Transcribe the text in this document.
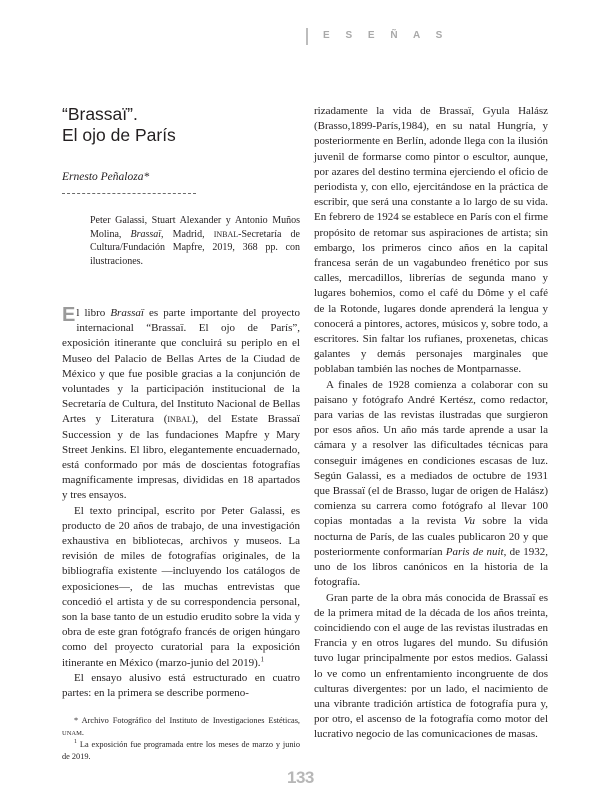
E S E Ñ A S
“Brassaï”.
El ojo de París
Ernesto Peñaloza*
Peter Galassi, Stuart Alexander y Antonio Muños Molina, Brassaï, Madrid, INBAL-Secretaría de Cultura/Fundación Mapfre, 2019, 368 pp. con ilustraciones.

El libro Brassaï es parte importante del proyecto internacional “Brassaï. El ojo de París”, exposición itinerante que concluirá su periplo en el Museo del Palacio de Bellas Artes de la Ciudad de México y que fue posible gracias a la conjunción de voluntades y la participación institucional de la Secretaría de Cultura, del Instituto Nacional de Bellas Artes y Literatura (INBAL), del Estate Brassaï Succession y de las fundaciones Mapfre y Mary Street Jenkins. El libro, elegantemente encuadernado, está conformado por más de doscientas fotografías magníficamente impresas, divididas en 18 apartados y tres ensayos.

El texto principal, escrito por Peter Galassi, es producto de 20 años de trabajo, de una investigación exhaustiva en bibliotecas, archivos y museos. La revisión de miles de fotografías originales, de la bibliografía existente —incluyendo los catálogos de exposiciones—, de las muchas entrevistas que concedió el artista y de su correspondencia personal, son la base tanto de un estudio erudito sobre la vida y obra de este gran fotógrafo francés de origen húngaro como del proyecto curatorial para la exposición itinerante en México (marzo-junio del 2019).$^1$

El ensayo alusivo está estructurado en cuatro partes: en la primera se describe pormeno-

* Archivo Fotográfico del Instituto de Investigaciones Estéticas, UNAM.

$^1$ La exposición fue programada entre los meses de marzo y junio de 2019.

rizadamente la vida de Brassaï, Gyula Halász (Brasso,1899-París,1984), en su natal Hungría, y posteriormente en Berlín, adonde llega con la ilusión juvenil de formarse como pintor o escultor, aunque, por azares del destino termina ejerciendo el oficio de periodista y, con ello, ejercitándose en la práctica de escribir, que será una constante a lo largo de su vida. En febrero de 1924 se establece en París con el firme propósito de retomar sus aspiraciones de artista; sin embargo, los primeros cinco años en la capital francesa serán de un vagabundeo frenético por sus calles, mercadillos, librerías de segunda mano y lugares bohemios, como el café du Dôme y el café de la Rotonde, lugares donde aprenderá la lengua y conocerá a pintores, actores, músicos y, sobre todo, a escritores. Sin faltar los rufianes, proxenetas, chicas galantes y demás personajes marginales que poblaban también las noches de Montparnasse.

A finales de 1928 comienza a colaborar con su paisano y fotógrafo André Kertész, como redactor, para varias de las revistas ilustradas que surgieron por esos años. Un año más tarde aprende a usar la cámara y a resolver las dificultades técnicas para conseguir imágenes en condiciones escasas de luz. Según Galassi, es a mediados de octubre de 1931 que Brassaï (el de Brasso, lugar de origen de Halász) comienza su carrera como fotógrafo al llevar 100 copias montadas a la revista Vu sobre la vida nocturna de París, de las cuales publicaron 20 y que posteriormente conformarían Paris de nuit, de 1932, uno de los libros canónicos en la historia de la fotografía.

Gran parte de la obra más conocida de Brassaï es de la primera mitad de la década de los años treinta, coincidiendo con el auge de las revistas ilustradas en Francia y en otros lugares del mundo. Su difusión tuvo lugar principalmente por estos medios. Galassi lo ve como un enfrentamiento incongruente de dos culturas divergentes: por un lado, el nacimiento de una vibrante tradición artística de fotografía pura y, por otro, el ascenso de la fotografía como motor del lucrativo negocio de las comunicaciones de masas.

133
